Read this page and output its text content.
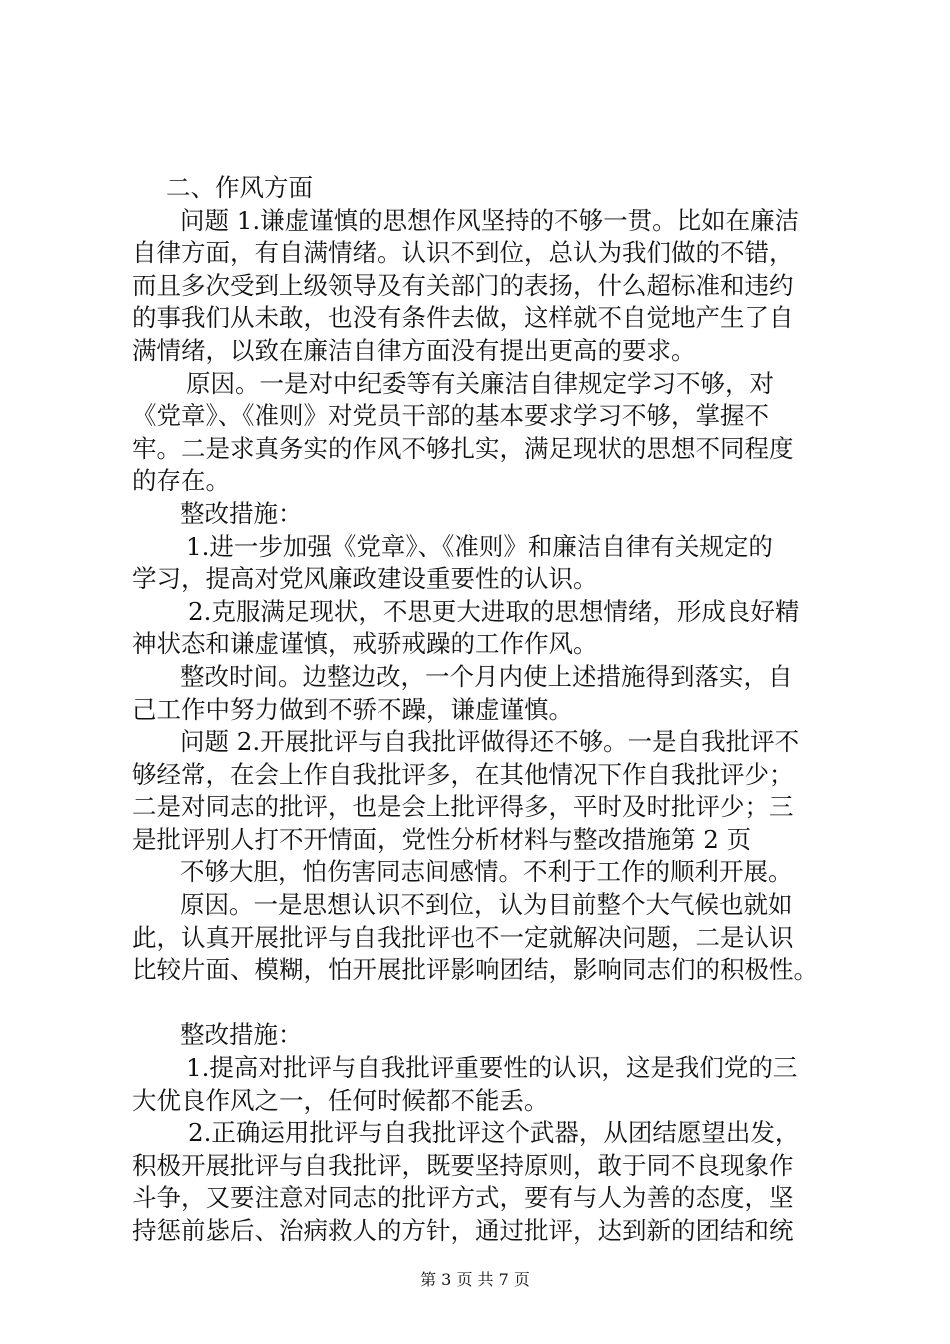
二、作风方面
问题 1.谦虚谨慎的思想作风坚持的不够一贯。比如在廉洁
自律方面，有自满情绪。认识不到位，总认为我们做的不错，
而且多次受到上级领导及有关部门的表扬，什么超标准和违约
的事我们从未敢，也没有条件去做，这样就不自觉地产生了自
满情绪，以致在廉洁自律方面没有提出更高的要求。
原因。一是对中纪委等有关廉洁自律规定学习不够，对
《党章》、《准则》对党员干部的基本要求学习不够，掌握不
牢。二是求真务实的作风不够扎实，满足现状的思想不同程度
的存在。
整改措施：
1.进一步加强《党章》、《准则》和廉洁自律有关规定的
学习，提高对党风廉政建设重要性的认识。
2.克服满足现状，不思更大进取的思想情绪，形成良好精
神状态和谦虚谨慎，戒骄戒躁的工作作风。
整改时间。边整边改，一个月内使上述措施得到落实，自
己工作中努力做到不骄不躁，谦虚谨慎。
问题 2.开展批评与自我批评做得还不够。一是自我批评不
够经常，在会上作自我批评多，在其他情况下作自我批评少；
二是对同志的批评，也是会上批评得多，平时及时批评少；三
是批评别人打不开情面，党性分析材料与整改措施第 2 页
不够大胆，怕伤害同志间感情。不利于工作的顺利开展。
原因。一是思想认识不到位，认为目前整个大气候也就如
此，认真开展批评与自我批评也不一定就解决问题，二是认识
比较片面、模糊，怕开展批评影响团结，影响同志们的积极性。
整改措施：
1.提高对批评与自我批评重要性的认识，这是我们党的三
大优良作风之一，任何时候都不能丢。
2.正确运用批评与自我批评这个武器，从团结愿望出发，
积极开展批评与自我批评，既要坚持原则，敢于同不良现象作
斗争，又要注意对同志的批评方式，要有与人为善的态度，坚
持惩前毖后、治病救人的方针，通过批评，达到新的团结和统
第 3 页 共 7 页
